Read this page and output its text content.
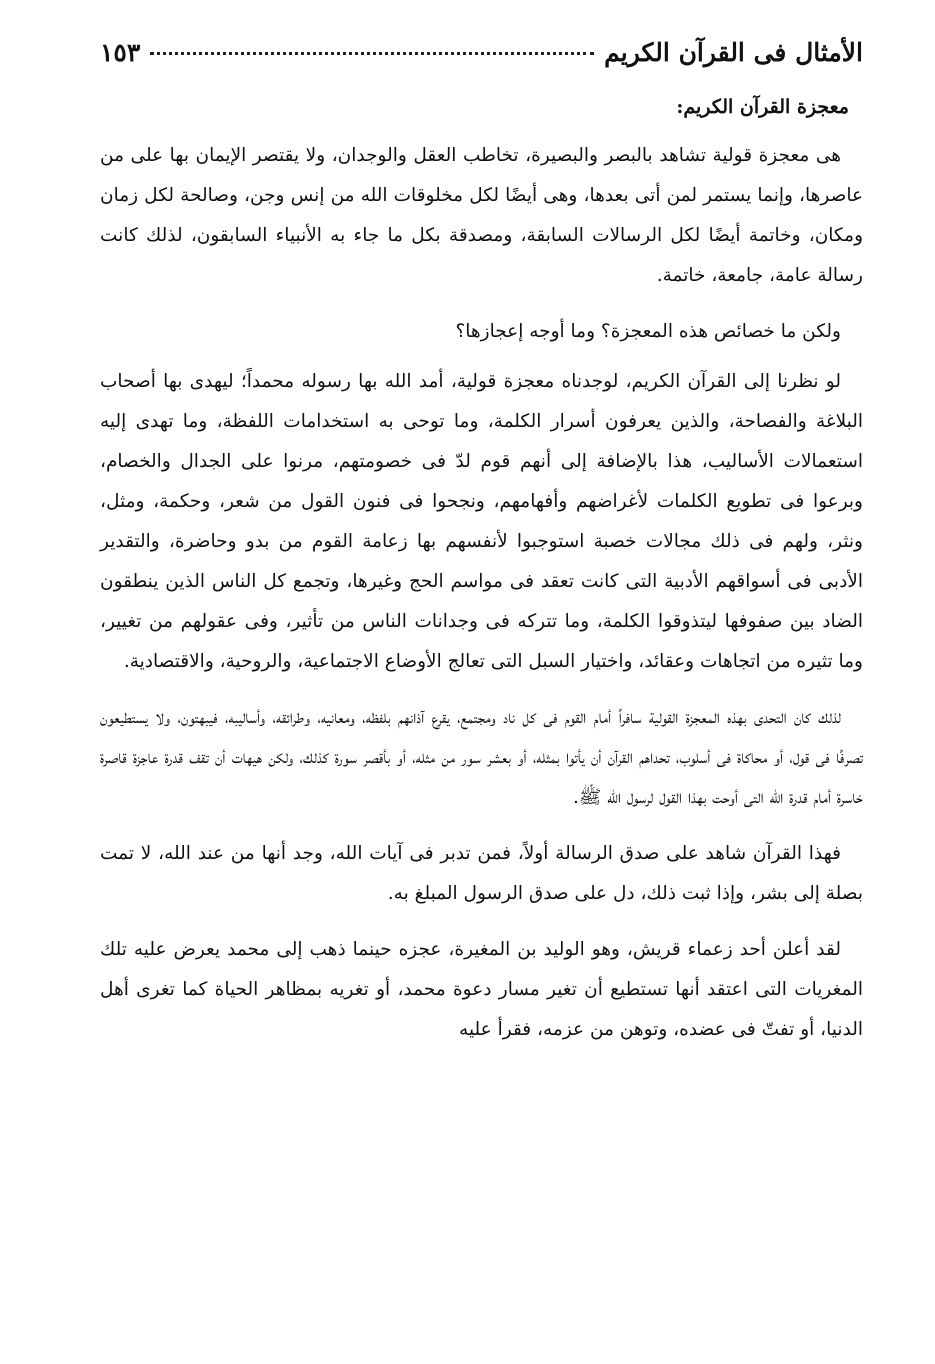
الأمثال فى القرآن الكريم
١٥٣
معجزة القرآن الكريم:

هى معجزة قولية تشاهد بالبصر والبصيرة، تخاطب العقل والوجدان، ولا يقتصر الإيمان بها على من عاصرها، وإنما يستمر لمن أتى بعدها، وهى أيضًا لكل مخلوقات الله من إنس وجن، وصالحة لكل زمان ومكان، وخاتمة أيضًا لكل الرسالات السابقة، ومصدقة بكل ما جاء به الأنبياء السابقون، لذلك كانت رسالة عامة، جامعة، خاتمة.

ولكن ما خصائص هذه المعجزة؟ وما أوجه إعجازها؟

لو نظرنا إلى القرآن الكريم، لوجدناه معجزة قولية، أمد الله بها رسوله محمداً؛ ليهدى بها أصحاب البلاغة والفصاحة، والذين يعرفون أسرار الكلمة، وما توحى به استخدامات اللفظة، وما تهدى إليه استعمالات الأساليب، هذا بالإضافة إلى أنهم قوم لدّ فى خصومتهم، مرنوا على الجدال والخصام، وبرعوا فى تطويع الكلمات لأغراضهم وأفهامهم، ونجحوا فى فنون القول من شعر، وحكمة، ومثل، ونثر، ولهم فى ذلك مجالات خصبة استوجبوا لأنفسهم بها زعامة القوم من بدو وحاضرة، والتقدير الأدبى فى أسواقهم الأدبية التى كانت تعقد فى مواسم الحج وغيرها، وتجمع كل الناس الذين ينطقون الضاد بين صفوفها ليتذوقوا الكلمة، وما تتركه فى وجدانات الناس من تأثير، وفى عقولهم من تغيير، وما تثيره من اتجاهات وعقائد، واختيار السبل التى تعالج الأوضاع الاجتماعية، والروحية، والاقتصادية.

لذلك كان التحدى بهذه المعجزة القولية سافراً أمام القوم فى كل ناد ومجتمع، يقرع آذانهم بلفظه، ومعانيه، وطرائقه، وأساليبه، فيبهتون، ولا يستطيعون تصرفًا فى قول، أو محاكاة فى أسلوب، تحداهم القرآن أن يأتوا بمثله، أو بعشر سور من مثله، أو بأقصر سورة كذلك، ولكن هيهات أن تقف قدرة عاجزة قاصرة خاسرة أمام قدرة الله التى أوحت بهذا القول لرسول الله ﷺ.

فهذا القرآن شاهد على صدق الرسالة أولاً، فمن تدبر فى آيات الله، وجد أنها من عند الله، لا تمت بصلة إلى بشر، وإذا ثبت ذلك، دل على صدق الرسول المبلغ به.

لقد أعلن أحد زعماء قريش، وهو الوليد بن المغيرة، عجزه حينما ذهب إلى محمد يعرض عليه تلك المغريات التى اعتقد أنها تستطيع أن تغير مسار دعوة محمد، أو تغريه بمظاهر الحياة كما تغرى أهل الدنيا، أو تفتّ فى عضده، وتوهن من عزمه، فقرأ عليه
